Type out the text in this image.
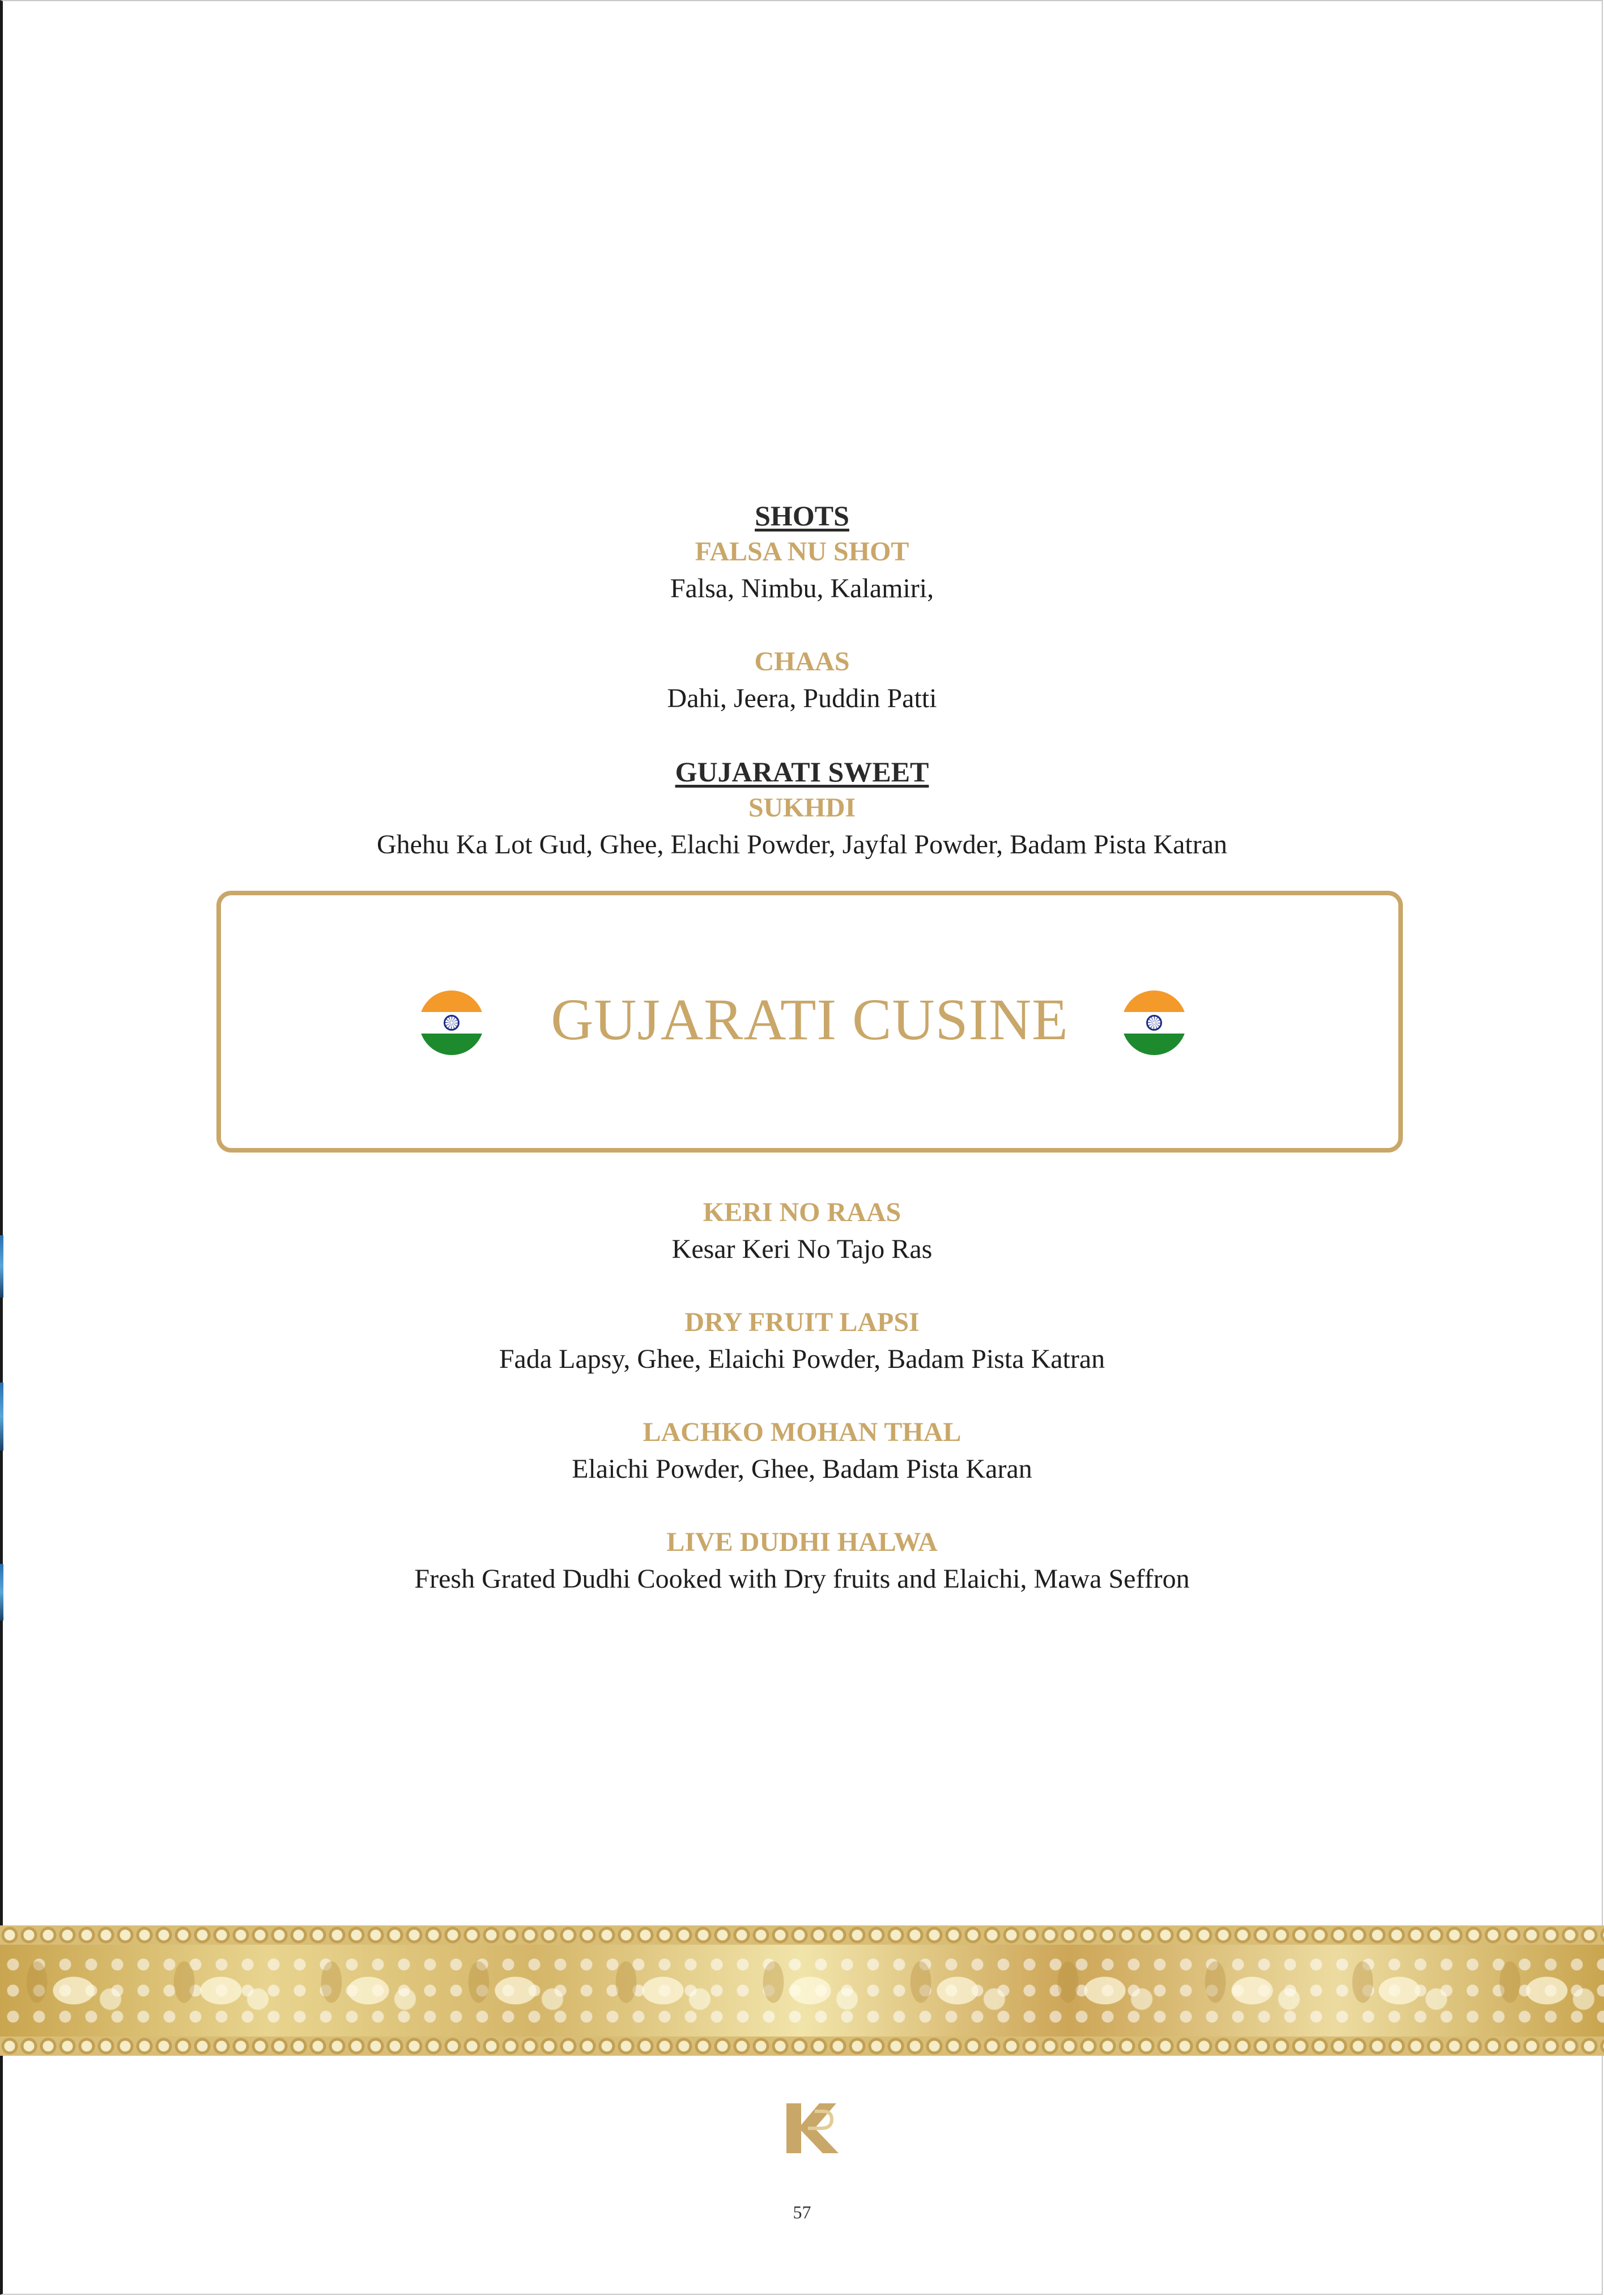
SHOTS
FALSA NU SHOT
Falsa, Nimbu, Kalamiri,
CHAAS
Dahi, Jeera, Puddin Patti
GUJARATI SWEET
SUKHDI
Ghehu Ka Lot Gud, Ghee, Elachi Powder, Jayfal Powder, Badam Pista Katran
GUJARATI CUSINE
KERI NO RAAS
Kesar Keri No Tajo Ras
DRY FRUIT LAPSI
Fada Lapsy, Ghee, Elaichi Powder, Badam Pista Katran
LACHKO MOHAN THAL
Elaichi Powder, Ghee, Badam Pista Karan
LIVE DUDHI HALWA
Fresh Grated Dudhi Cooked with Dry fruits and Elaichi, Mawa Seffron
57
